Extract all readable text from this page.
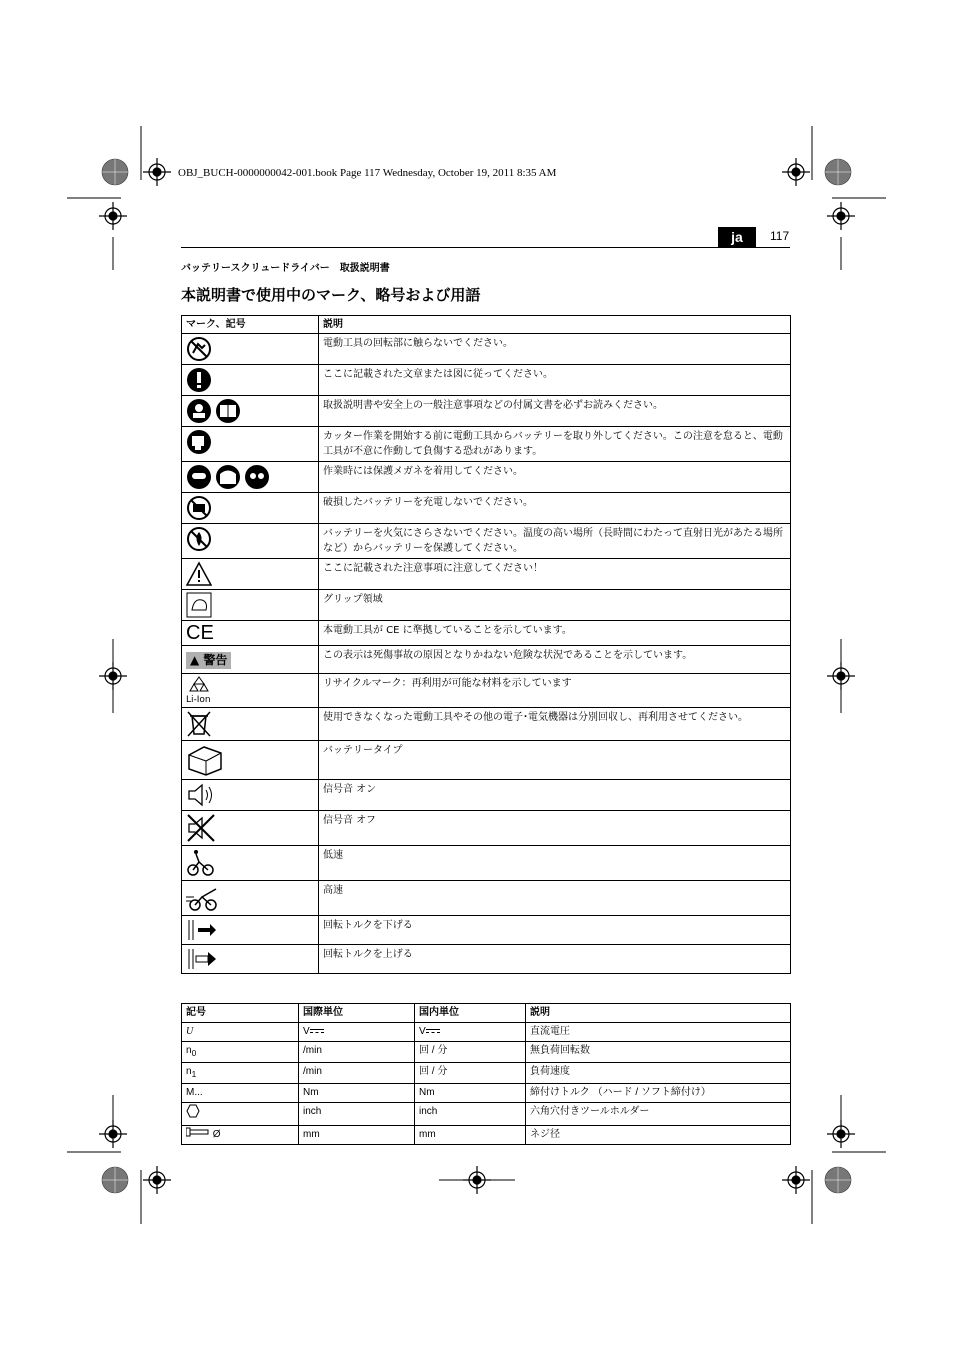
OBJ_BUCH-0000000042-001.book Page 117 Wednesday, October 19, 2011 8:35 AM
ja	117
バッテリースクリュードライバー　取扱説明書
本説明書で使用中のマーク、略号および用語
マーク、記号	説明
	電動工具の回転部に触らないでください。
	ここに記載された文章または図に従ってください。
	取扱説明書や安全上の一般注意事項などの付属文書を必ずお読みください。
	カッター作業を開始する前に電動工具からバッテリーを取り外してください。この注意を怠ると、電動工具が不意に作動して負傷する恐れがあります。
	作業時には保護メガネを着用してください。
	破損したバッテリーを充電しないでください。
	バッテリーを火気にさらさないでください。温度の高い場所（長時間にわたって直射日光があたる場所など）からバッテリーを保護してください。
	ここに記載された注意事項に注意してください！
	グリップ領域
CE	本電動工具が CE に準拠していることを示しています。
▲ 警告	この表示は死傷事故の原因となりかねない危険な状況であることを示しています。

Li-Ion	リサイクルマーク：再利用が可能な材料を示しています
	使用できなくなった電動工具やその他の電子･電気機器は分別回収し、再利用させてください。
	バッテリータイプ
	信号音 オン
	信号音 オフ
	低速
	高速
	回転トルクを下げる
	回転トルクを上げる
記号	国際単位	国内単位	説明
U	V	V	直流電圧
$n_0$	/min	回 / 分	無負荷回転数
$n_1$	/min	回 / 分	負荷速度
M...	Nm	Nm	締付けトルク （ハード / ソフト締付け）
	inch	inch	六角穴付きツールホルダー
Ø	mm	mm	ネジ径
